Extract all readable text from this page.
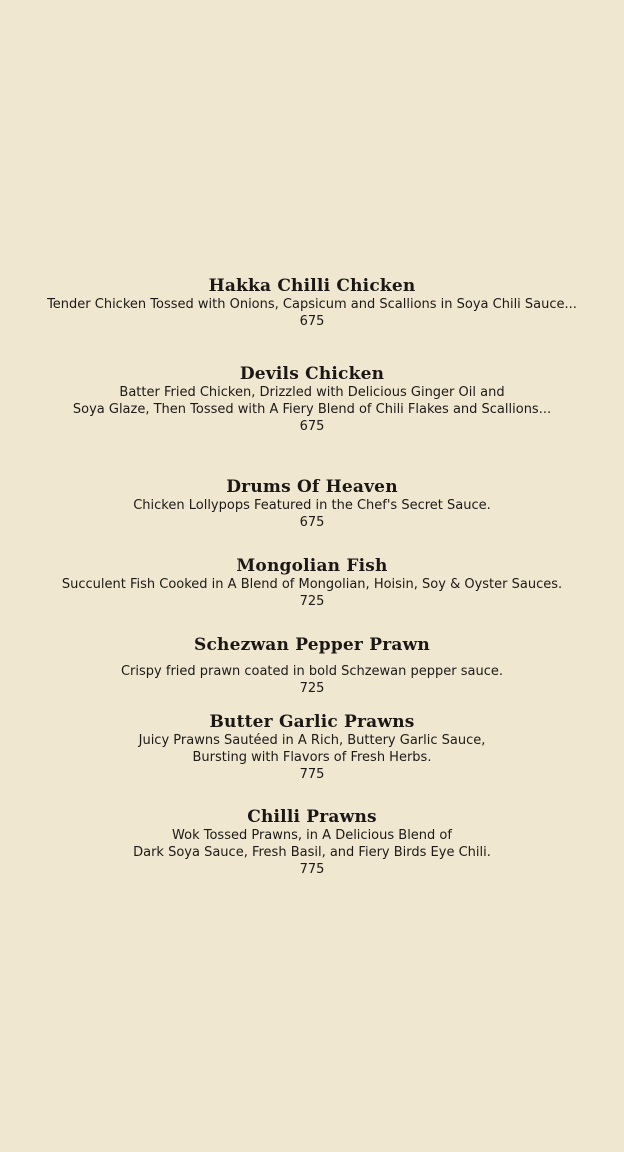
Hakka Chilli Chicken
Tender Chicken Tossed with Onions, Capsicum and Scallions in Soya Chili Sauce...
675
Devils Chicken
Batter Fried Chicken, Drizzled with Delicious Ginger Oil and
Soya Glaze, Then Tossed with A Fiery Blend of Chili Flakes and Scallions...
675
Drums Of Heaven
Chicken Lollypops Featured in the Chef's Secret Sauce.
675
Mongolian Fish
Succulent Fish Cooked in A Blend of Mongolian, Hoisin, Soy & Oyster Sauces.
725
Schezwan Pepper Prawn
Crispy fried prawn coated in bold Schzewan pepper sauce.
725
Butter Garlic Prawns
Juicy Prawns Sautéed in A Rich, Buttery Garlic Sauce,
Bursting with Flavors of Fresh Herbs.
775
Chilli Prawns
Wok Tossed Prawns, in A Delicious Blend of
Dark Soya Sauce, Fresh Basil, and Fiery Birds Eye Chili.
775
